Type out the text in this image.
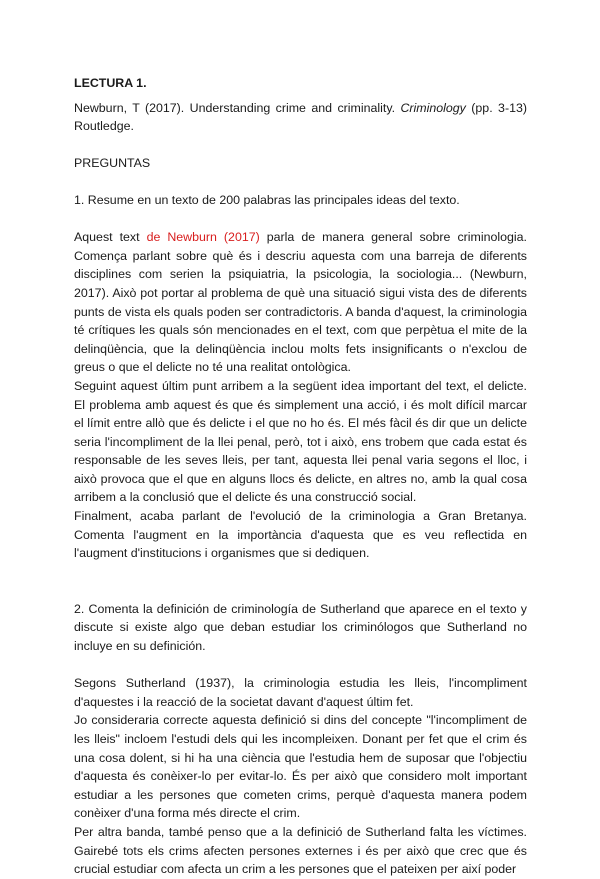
LECTURA 1.

Newburn, T (2017). Understanding crime and criminality. Criminology (pp. 3-13) Routledge.

PREGUNTAS

1. Resume en un texto de 200 palabras las principales ideas del texto.

Aquest text de Newburn (2017) parla de manera general sobre criminologia. Comença parlant sobre què és i descriu aquesta com una barreja de diferents disciplines com serien la psiquiatria, la psicologia, la sociologia... (Newburn, 2017). Això pot portar al problema de què una situació sigui vista des de diferents punts de vista els quals poden ser contradictoris. A banda d'aquest, la criminologia té crítiques les quals són mencionades en el text, com que perpètua el mite de la delinqüència, que la delinqüència inclou molts fets insignificants o n'exclou de greus o que el delicte no té una realitat ontològica.

Seguint aquest últim punt arribem a la següent idea important del text, el delicte. El problema amb aquest és que és simplement una acció, i és molt difícil marcar el límit entre allò que és delicte i el que no ho és. El més fàcil és dir que un delicte seria l'incompliment de la llei penal, però, tot i això, ens trobem que cada estat és responsable de les seves lleis, per tant, aquesta llei penal varia segons el lloc, i això provoca que el que en alguns llocs és delicte, en altres no, amb la qual cosa arribem a la conclusió que el delicte és una construcció social.

Finalment, acaba parlant de l'evolució de la criminologia a Gran Bretanya. Comenta l'augment en la importància d'aquesta que es veu reflectida en l'augment d'institucions i organismes que si dediquen.

2. Comenta la definición de criminología de Sutherland que aparece en el texto y discute si existe algo que deban estudiar los criminólogos que Sutherland no incluye en su definición.

Segons Sutherland (1937), la criminologia estudia les lleis, l'incompliment d'aquestes i la reacció de la societat davant d'aquest últim fet.

Jo consideraria correcte aquesta definició si dins del concepte "l'incompliment de les lleis" incloem l'estudi dels qui les incompleixen. Donant per fet que el crim és una cosa dolent, si hi ha una ciència que l'estudia hem de suposar que l'objectiu d'aquesta és conèixer-lo per evitar-lo. És per això que considero molt important estudiar a les persones que cometen crims, perquè d'aquesta manera podem conèixer d'una forma més directe el crim.

Per altra banda, també penso que a la definició de Sutherland falta les víctimes. Gairebé tots els crims afecten persones externes i és per això que crec que és crucial estudiar com afecta un crim a les persones que el pateixen per així poder
